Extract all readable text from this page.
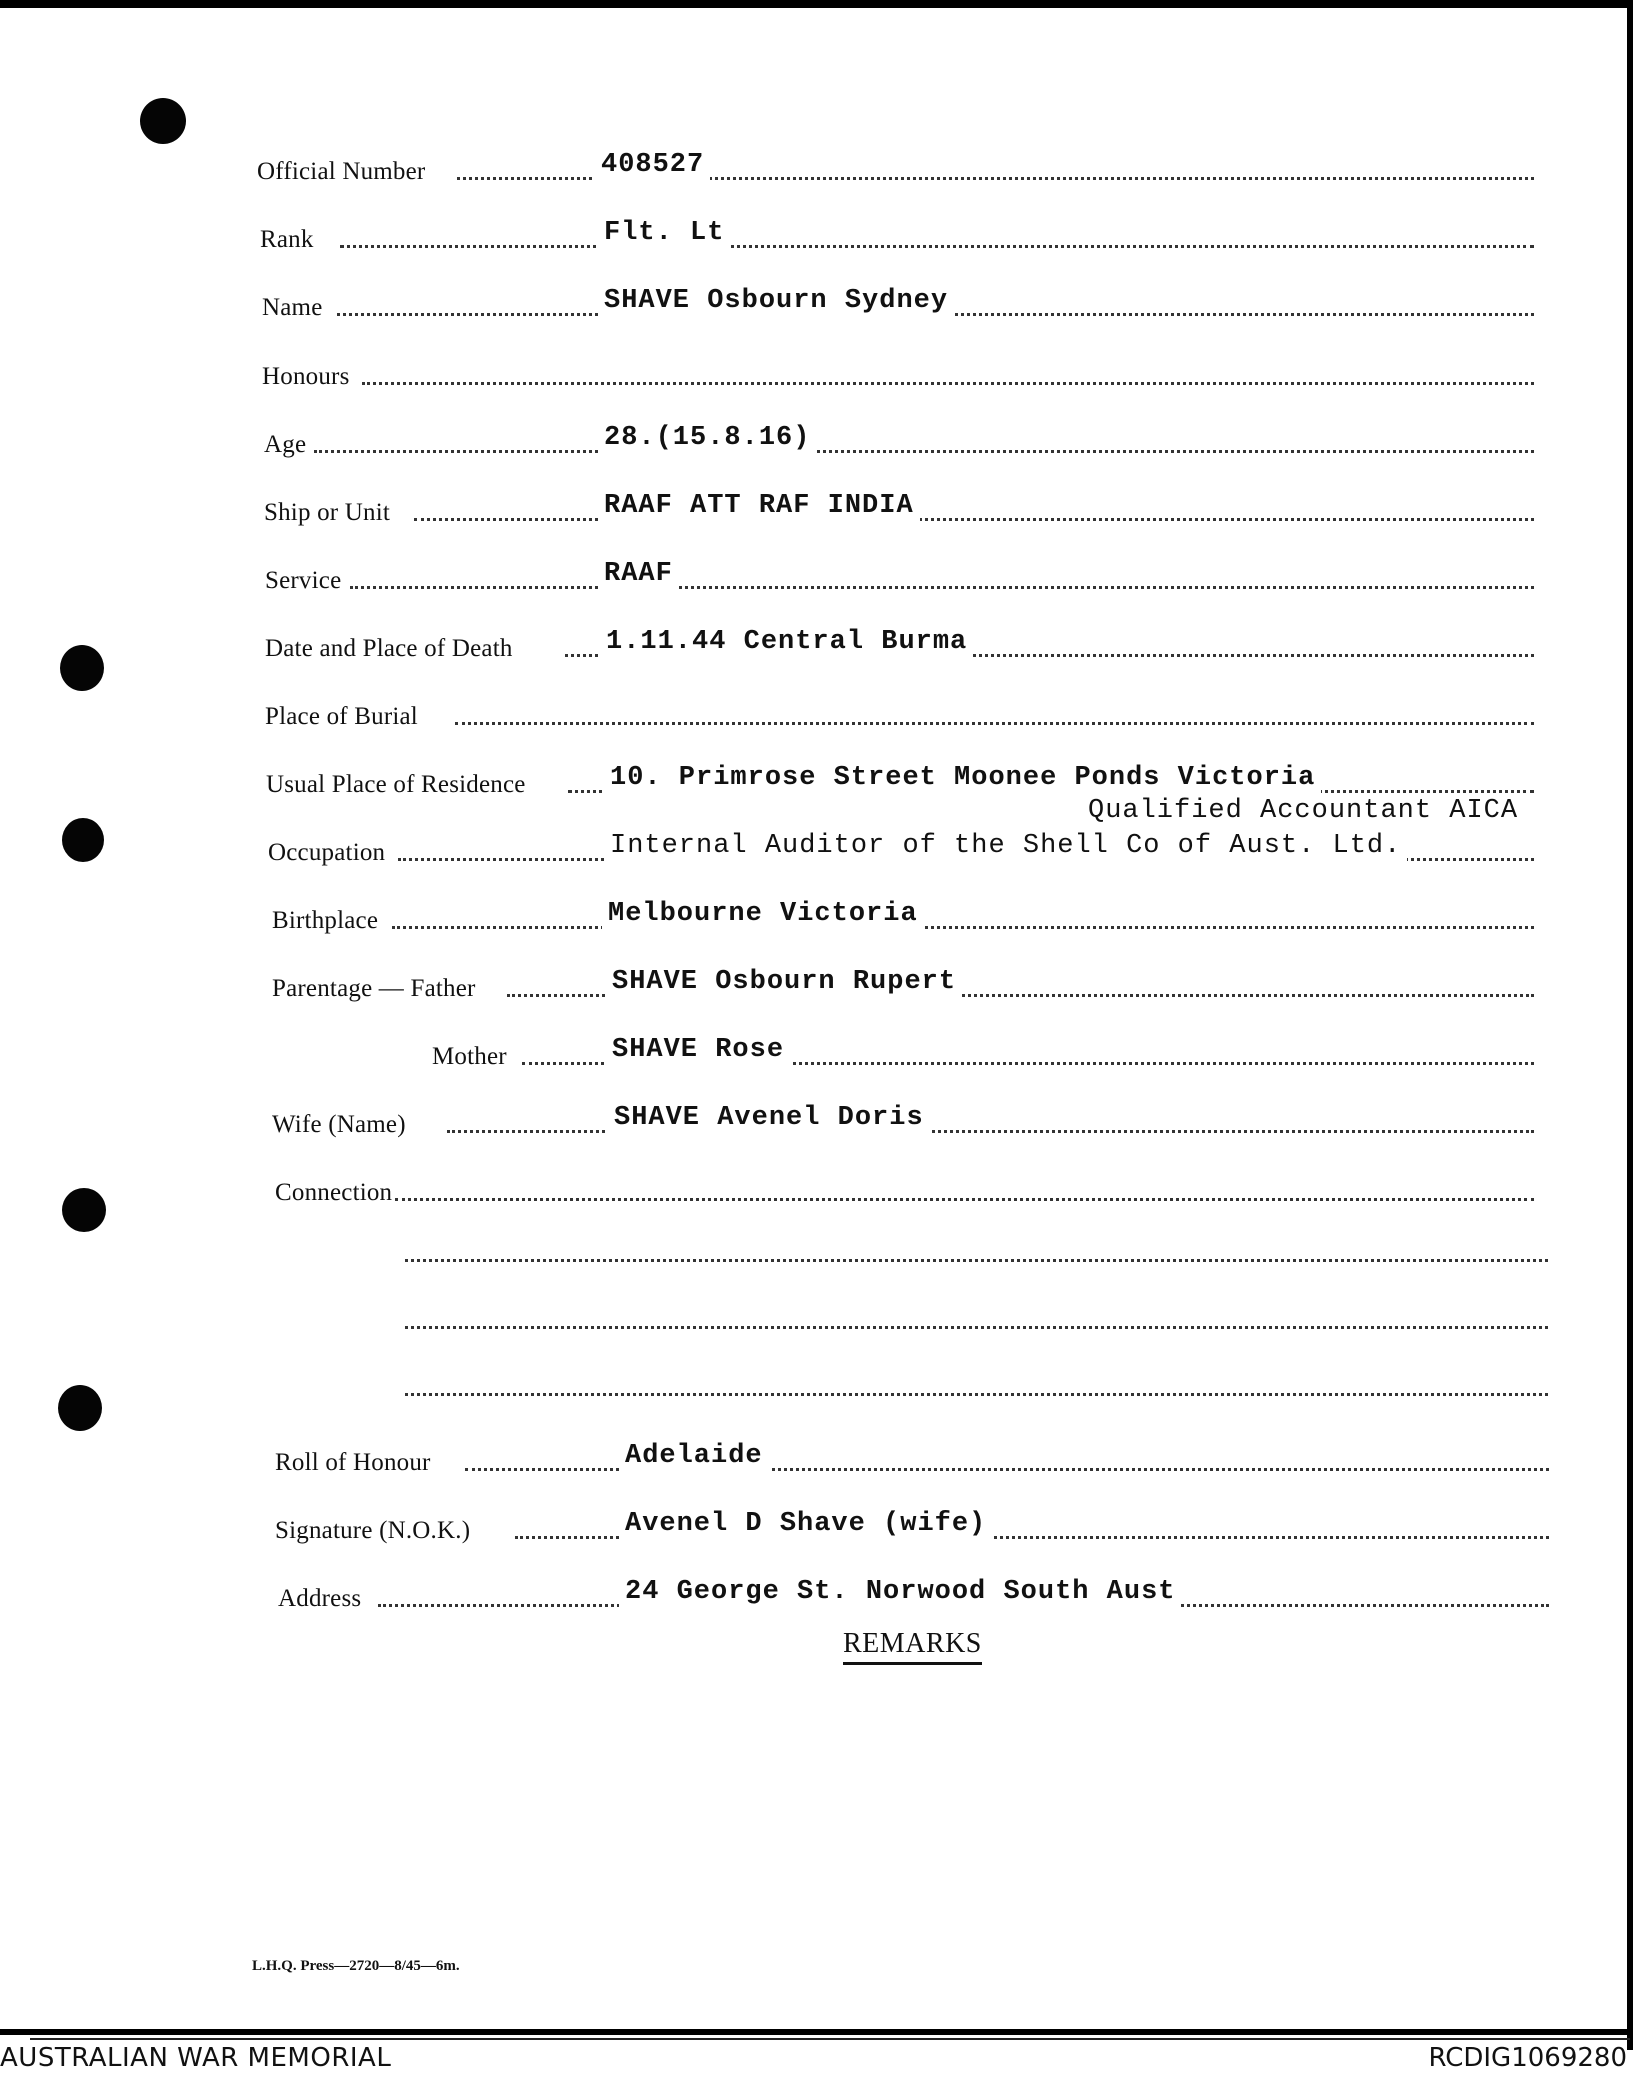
Official Number	408527
Rank	Flt. Lt
Name	SHAVE Osbourn Sydney
Honours
Age	28.(15.8.16)
Ship or Unit	RAAF ATT RAF INDIA
Service	RAAF
Date and Place of Death	1.11.44 Central Burma
Place of Burial
Usual Place of Residence	10. Primrose Street Moonee Ponds Victoria
Occupation	Internal Auditor of the Shell Co of Aust. Ltd.
Qualified Accountant AICA
Birthplace	Melbourne Victoria
Parentage — Father	SHAVE Osbourn Rupert
Mother	SHAVE Rose
Wife (Name)	SHAVE Avenel Doris
Connection
Roll of Honour	Adelaide
Signature (N.O.K.)	Avenel D Shave (wife)
Address	24 George St. Norwood South Aust
REMARKS
L.H.Q. Press—2720—8/45—6m.
AUSTRALIAN WAR MEMORIAL	RCDIG1069280
